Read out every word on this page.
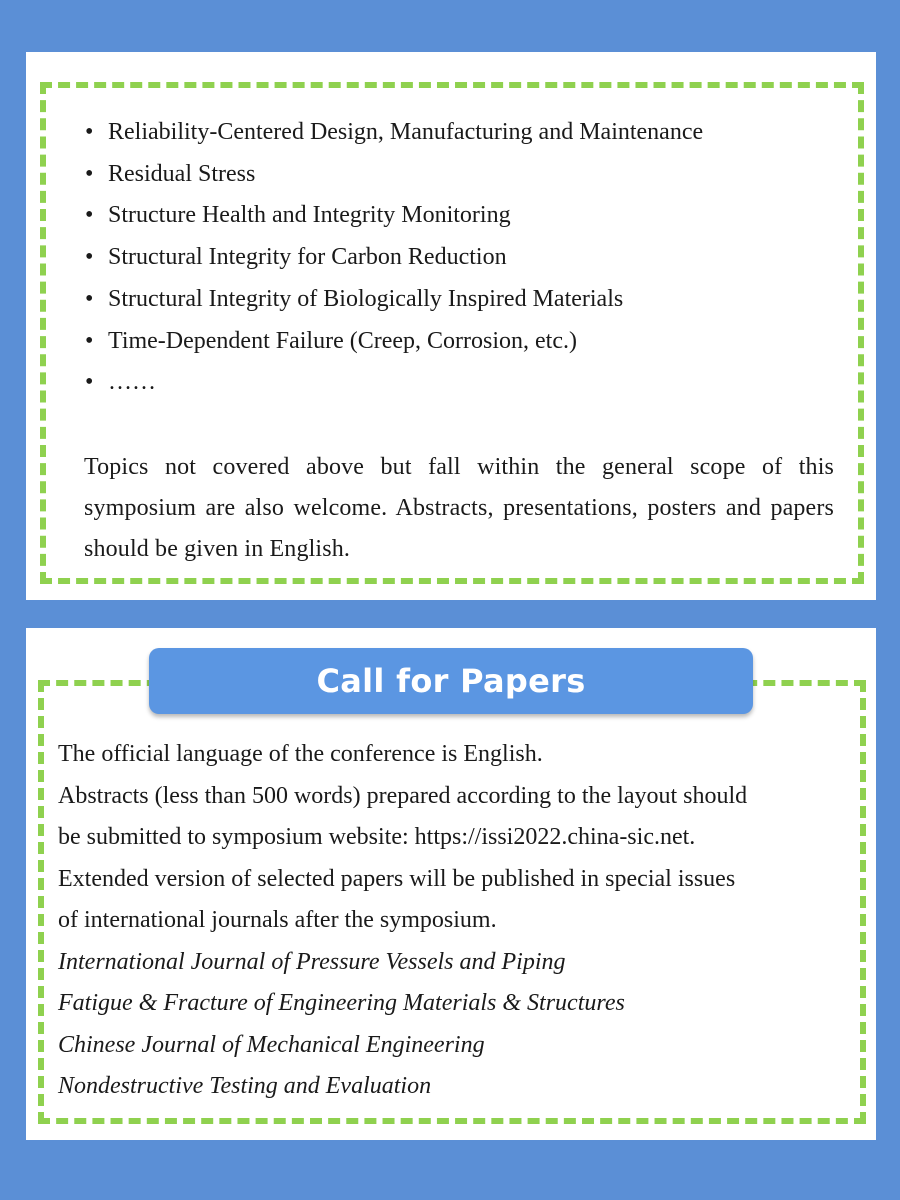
• Reliability-Centered Design, Manufacturing and Maintenance
• Residual Stress
• Structure Health and Integrity Monitoring
• Structural Integrity for Carbon Reduction
• Structural Integrity of Biologically Inspired Materials
• Time-Dependent Failure (Creep, Corrosion, etc.)
• ……

Topics not covered above but fall within the general scope of this symposium are also welcome. Abstracts, presentations, posters and papers should be given in English.

Call for Papers
The official language of the conference is English.
Abstracts (less than 500 words) prepared according to the layout should
be submitted to symposium website: https://issi2022.china-sic.net.
Extended version of selected papers will be published in special issues
of international journals after the symposium.
International Journal of Pressure Vessels and Piping
Fatigue & Fracture of Engineering Materials & Structures
Chinese Journal of Mechanical Engineering
Nondestructive Testing and Evaluation
